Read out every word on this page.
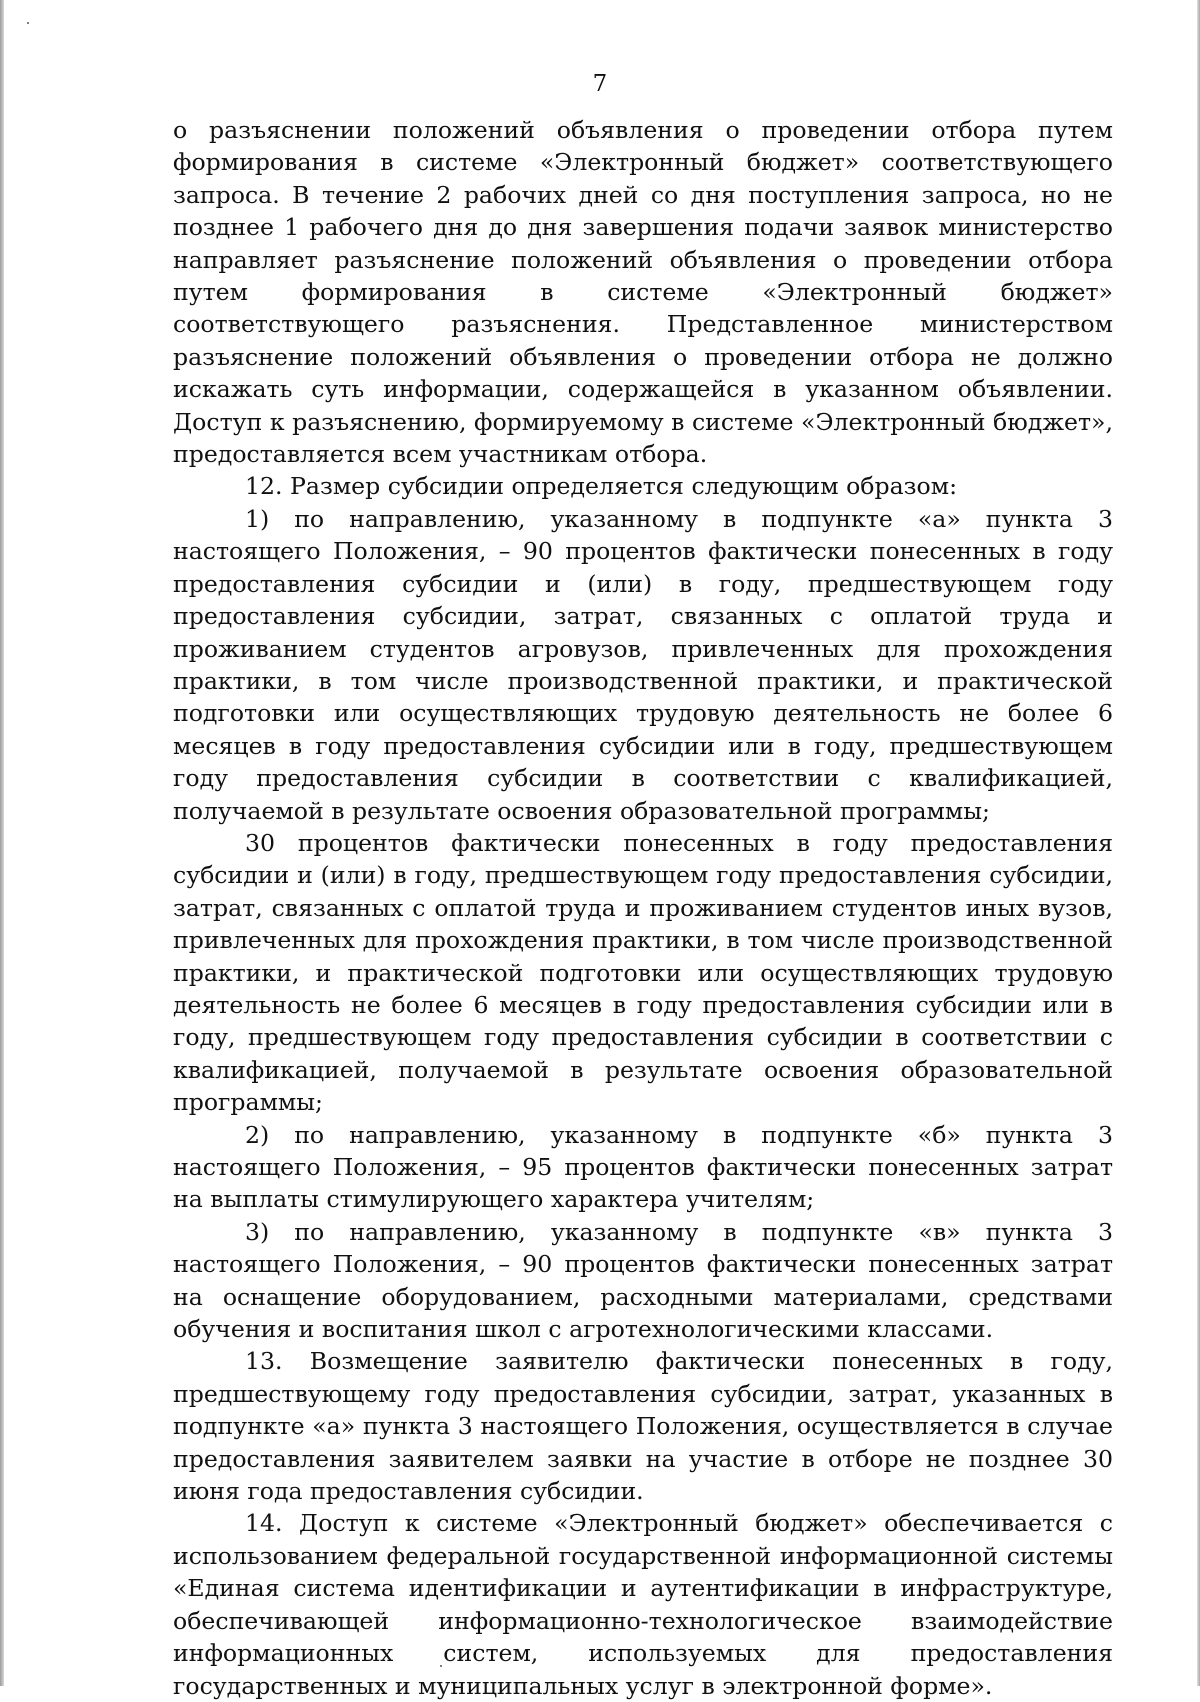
7

о разъяснении положений объявления о проведении отбора путем формирования в системе «Электронный бюджет» соответствующего запроса. В течение 2 рабочих дней со дня поступления запроса, но не позднее 1 рабочего дня до дня завершения подачи заявок министерство направляет разъяснение положений объявления о проведении отбора путем формирования в системе «Электронный бюджет» соответствующего разъяснения. Представленное министерством разъяснение положений объявления о проведении отбора не должно искажать суть информации, содержащейся в указанном объявлении. Доступ к разъяснению, формируемому в системе «Электронный бюджет», предоставляется всем участникам отбора.

12. Размер субсидии определяется следующим образом:

1) по направлению, указанному в подпункте «а» пункта 3 настоящего Положения, – 90 процентов фактически понесенных в году предоставления субсидии и (или) в году, предшествующем году предоставления субсидии, затрат, связанных с оплатой труда и проживанием студентов агровузов, привлеченных для прохождения практики, в том числе производственной практики, и практической подготовки или осуществляющих трудовую деятельность не более 6 месяцев в году предоставления субсидии или в году, предшествующем году предоставления субсидии в соответствии с квалификацией, получаемой в результате освоения образовательной программы;

30 процентов фактически понесенных в году предоставления субсидии и (или) в году, предшествующем году предоставления субсидии, затрат, связанных с оплатой труда и проживанием студентов иных вузов, привлеченных для прохождения практики, в том числе производственной практики, и практической подготовки или осуществляющих трудовую деятельность не более 6 месяцев в году предоставления субсидии или в году, предшествующем году предоставления субсидии в соответствии с квалификацией, получаемой в результате освоения образовательной программы;

2) по направлению, указанному в подпункте «б» пункта 3 настоящего Положения, – 95 процентов фактически понесенных затрат на выплаты стимулирующего характера учителям;

3) по направлению, указанному в подпункте «в» пункта 3 настоящего Положения, – 90 процентов фактически понесенных затрат на оснащение оборудованием, расходными материалами, средствами обучения и воспитания школ с агротехнологическими классами.

13. Возмещение заявителю фактически понесенных в году, предшествующему году предоставления субсидии, затрат, указанных в подпункте «а» пункта 3 настоящего Положения, осуществляется в случае предоставления заявителем заявки на участие в отборе не позднее 30 июня года предоставления субсидии.

14. Доступ к системе «Электронный бюджет» обеспечивается с использованием федеральной государственной информационной системы «Единая система идентификации и аутентификации в инфраструктуре, обеспечивающей информационно-технологическое взаимодействие информационных систем, используемых для предоставления государственных и муниципальных услуг в электронной форме».
